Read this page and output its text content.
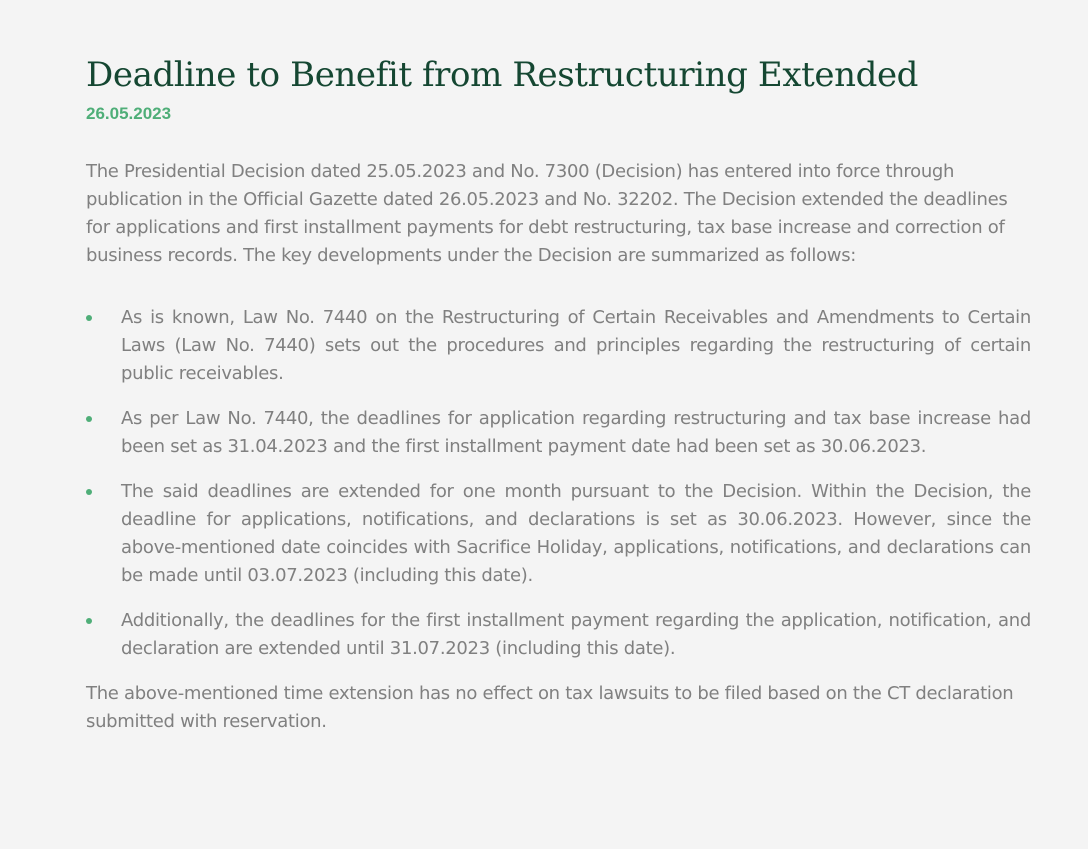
Deadline to Benefit from Restructuring Extended
26.05.2023

The Presidential Decision dated 25.05.2023 and No. 7300 (Decision) has entered into force through publication in the Official Gazette dated 26.05.2023 and No. 32202. The Decision extended the deadlines for applications and first installment payments for debt restructuring, tax base increase and correction of business records. The key developments under the Decision are summarized as follows:

As is known, Law No. 7440 on the Restructuring of Certain Receivables and Amendments to Certain Laws (Law No. 7440) sets out the procedures and principles regarding the restructuring of certain public receivables.
As per Law No. 7440, the deadlines for application regarding restructuring and tax base increase had been set as 31.04.2023 and the first installment payment date had been set as 30.06.2023.
The said deadlines are extended for one month pursuant to the Decision. Within the Decision, the deadline for applications, notifications, and declarations is set as 30.06.2023. However, since the above-mentioned date coincides with Sacrifice Holiday, applications, notifications, and declarations can be made until 03.07.2023 (including this date).
Additionally, the deadlines for the first installment payment regarding the application, notification, and declaration are extended until 31.07.2023 (including this date).

The above-mentioned time extension has no effect on tax lawsuits to be filed based on the CT declaration submitted with reservation.
